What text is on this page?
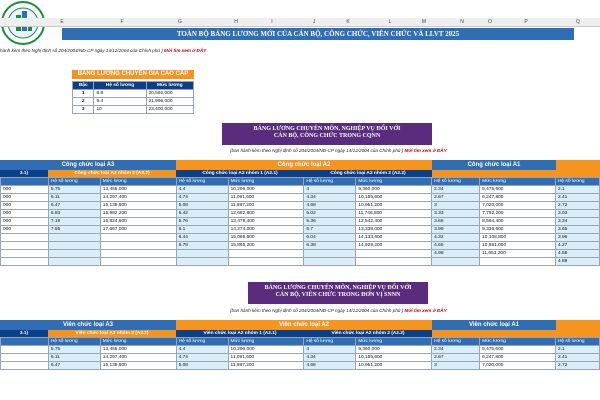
E	F	G	H	I	J	K	L	M	N	O	P	Q
TOÀN BỘ BẢNG LƯƠNG MỚI CỦA CÁN BỘ, CÔNG CHỨC, VIÊN CHỨC VÀ LLVT 2025
hành kèm theo Nghị định số 204/2004/NĐ-CP ngày 14/12/2004 của Chính phủ ) Mới tìm xem ở ĐÂY
BẢNG LƯƠNG CHUYÊN GIA CAO CẤP
Bậc	Hệ số lương	Mức lương
1	8.8	20,592,000
2	9.4	21,996,000
3	10	23,400,000
BẢNG LƯƠNG CHUYÊN MÔN, NGHIỆP VỤ ĐỐI VỚI
CÁN BỘ, CÔNG CHỨC TRONG CQNN
(ban hành kèm theo Nghị định số 204/2004/NĐ-CP ngày 14/12/2004 của Chính phủ ) Mới tìm xem ở ĐÂY
Công chức loại A3	Công chức loại A2	Công chức loại A1
3.1)	Công chức loại A3 nhóm 2 (A3.2)	Công chức loại A2 nhóm 1 (A2.1)	Công chức loại A2 nhóm 2 (A2.2)
	Hệ số lương	Mức lương	Hệ số lương	Mức lương	Hệ số lương	Mức lương	Hệ số lương	Mức lương	Hệ số lương
000	5.75	13,455,000	4.4	10,296,000	4	9,360,000	2.34	5,475,600	2.1
000	6.11	14,297,400	4.74	11,091,600	4.34	10,155,600	2.67	6,247,800	2.41
000	6.47	15,139,800	5.08	11,887,200	4.68	10,951,200	3	7,020,000	2.72
000	6.83	15,982,200	5.42	12,682,800	5.02	11,746,800	3.33	7,792,200	3.03
000	7.19	16,824,600	5.76	13,478,400	5.36	12,542,400	3.66	8,564,400	3.34
000	7.55	17,667,000	6.1	14,274,000	5.7	13,338,000	3.99	9,336,600	3.65
			6.44	15,069,600	6.04	14,133,600	4.32	10,108,800	3.96
			6.78	15,865,200	6.38	14,929,200	4.65	10,881,000	4.27
							4.98	11,653,200	4.58
									4.89
BẢNG LƯƠNG CHUYÊN MÔN, NGHIỆP VỤ ĐỐI VỚI
CÁN BỘ, VIÊN CHỨC TRONG ĐƠN VỊ SNNN
(ban hành kèm theo Nghị định số 204/2004/NĐ-CP ngày 14/12/2004 của Chính phủ ) Mới tìm xem ở ĐÂY
Viên chức loại A3	Viên chức loại A2	Viên chức loại A1
3.1)	Viên chức loại A3 nhóm 2 (A3.2)	Viên chức loại A2 nhóm 1 (A2.1)	Viên chức loại A2 nhóm 2 (A2.2)
	Hệ số lương	Mức lương	Hệ số lương	Mức lương	Hệ số lương	Mức lương	Hệ số lương	Mức lương	Hệ số lương
	5.75	13,455,000	4.4	10,296,000	4	9,360,000	2.34	5,475,600	2.1
	6.11	14,297,400	4.74	11,091,600	4.34	10,155,600	2.67	6,247,800	2.41
	6.47	15,139,800	5.08	11,887,200	4.68	10,951,200	3	7,020,000	2.72
